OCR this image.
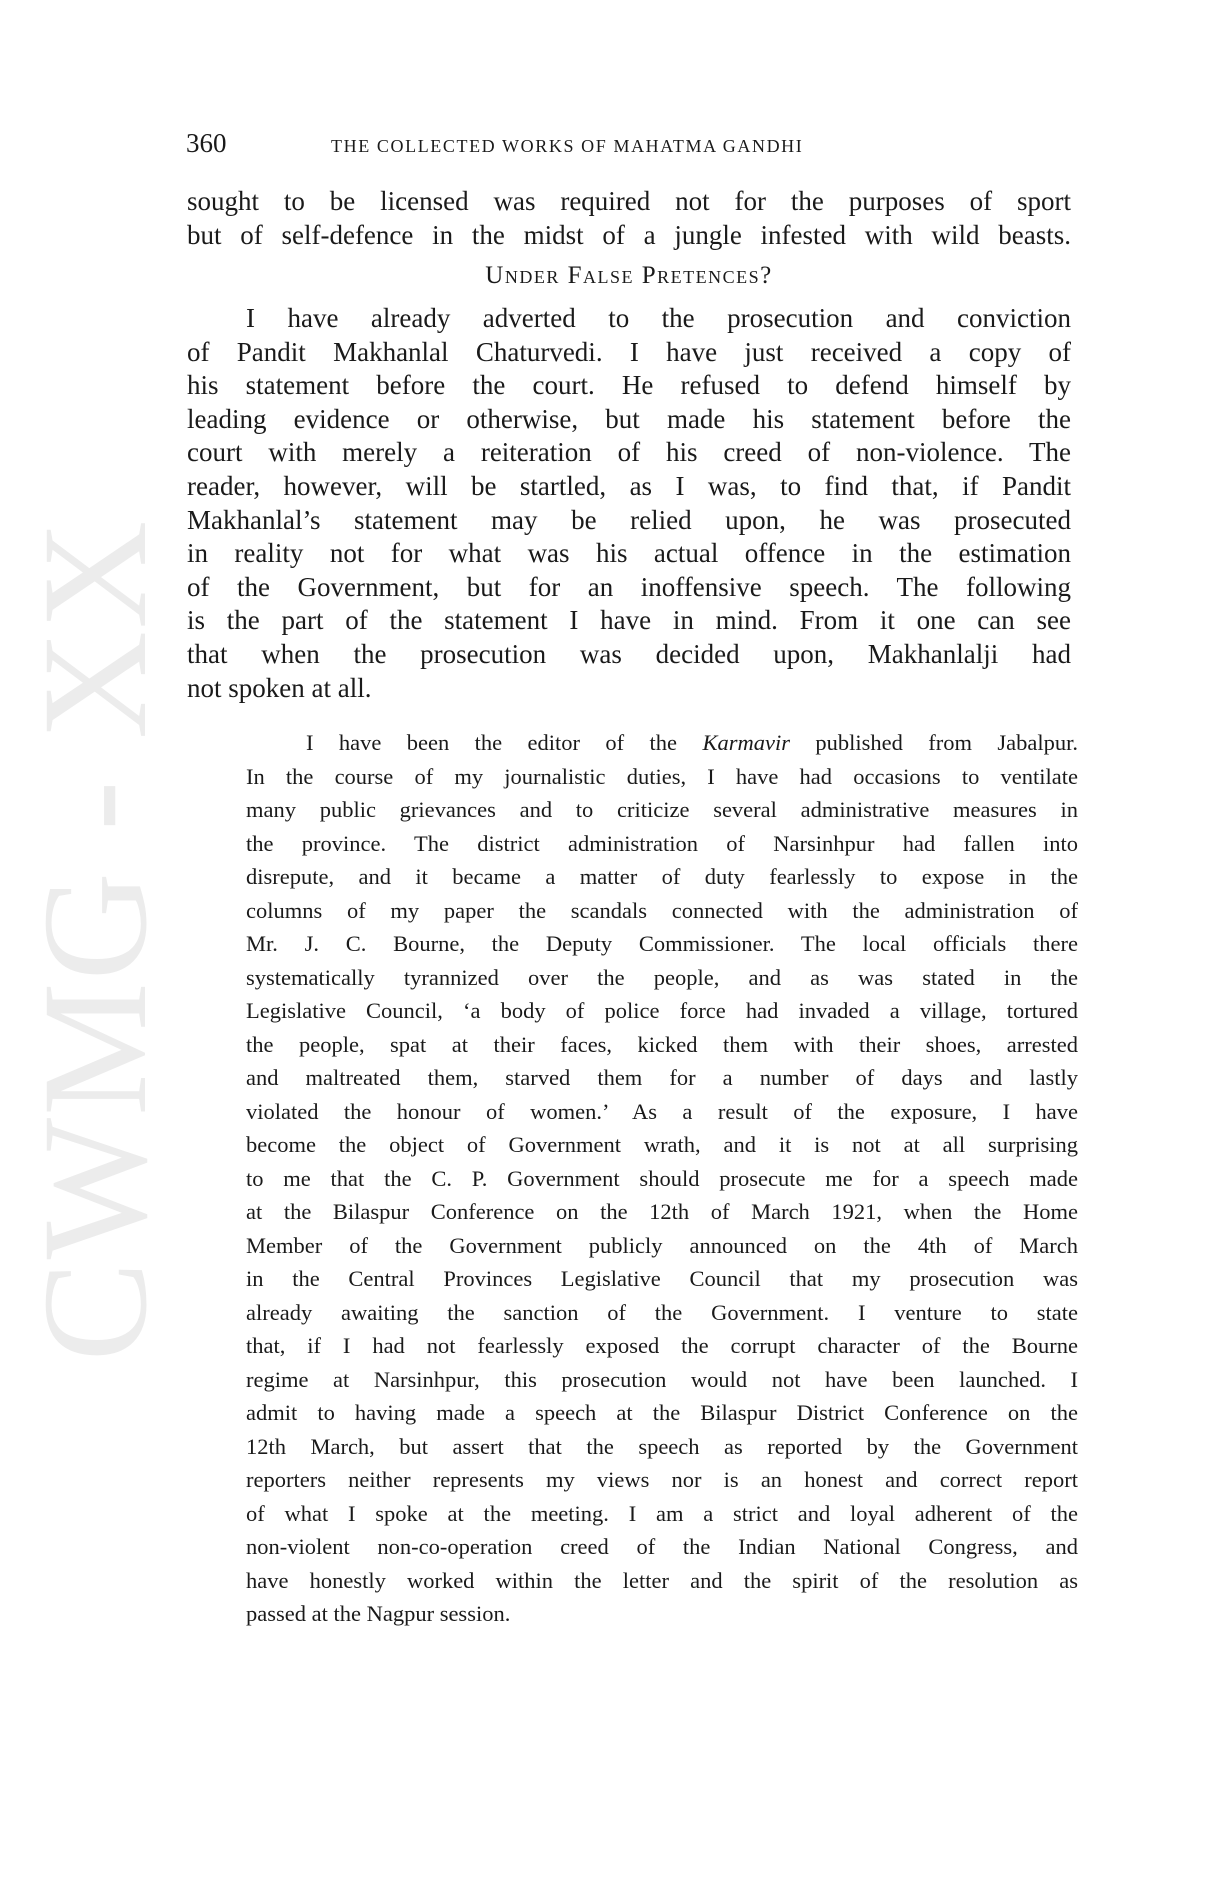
CWMG - XX
360	THE COLLECTED WORKS OF MAHATMA GANDHI
Under False Pretences?
sought to be licensed was required not for the purposes of sport
but of self-defence in the midst of a jungle infested with wild beasts.
I have already adverted to the prosecution and conviction
of Pandit Makhanlal Chaturvedi. I have just received a copy of
his statement before the court. He refused to defend himself by
leading evidence or otherwise, but made his statement before the
court with merely a reiteration of his creed of non-violence. The
reader, however, will be startled, as I was, to find that, if Pandit
Makhanlal’s statement may be relied upon, he was prosecuted
in reality not for what was his actual offence in the estimation
of the Government, but for an inoffensive speech. The following
is the part of the statement I have in mind. From it one can see
that when the prosecution was decided upon, Makhanlalji had
not spoken at all.
In the course of my journalistic duties, I have had occasions to ventilate
many public grievances and to criticize several administrative measures in
the province. The district administration of Narsinhpur had fallen into
disrepute, and it became a matter of duty fearlessly to expose in the
columns of my paper the scandals connected with the administration of
Mr. J. C. Bourne, the Deputy Commissioner. The local officials there
systematically tyrannized over the people, and as was stated in the
Legislative Council, ‘a body of police force had invaded a village, tortured
the people, spat at their faces, kicked them with their shoes, arrested
and maltreated them, starved them for a number of days and lastly
violated the honour of women.’ As a result of the exposure, I have
become the object of Government wrath, and it is not at all surprising
to me that the C. P. Government should prosecute me for a speech made
at the Bilaspur Conference on the 12th of March 1921, when the Home
Member of the Government publicly announced on the 4th of March
in the Central Provinces Legislative Council that my prosecution was
already awaiting the sanction of the Government. I venture to state
that, if I had not fearlessly exposed the corrupt character of the Bourne
regime at Narsinhpur, this prosecution would not have been launched. I
admit to having made a speech at the Bilaspur District Conference on the
12th March, but assert that the speech as reported by the Government
reporters neither represents my views nor is an honest and correct report
of what I spoke at the meeting. I am a strict and loyal adherent of the
non-violent non-co-operation creed of the Indian National Congress, and
have honestly worked within the letter and the spirit of the resolution as
passed at the Nagpur session.
I have been the editor of the Karmavir published from Jabalpur.
